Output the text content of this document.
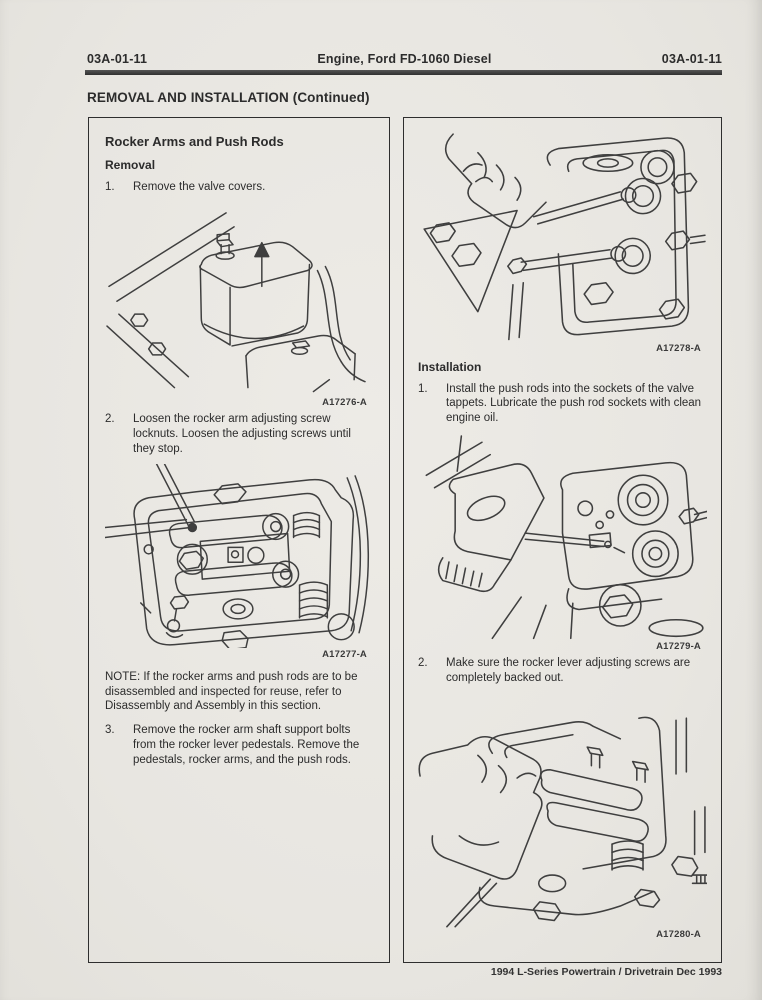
03A-01-11	Engine, Ford FD-1060 Diesel	03A-01-11
REMOVAL AND INSTALLATION (Continued)
Rocker Arms and Push Rods
Removal
1.	Remove the valve covers.
A17276-A
2.	Loosen the rocker arm adjusting screw locknuts. Loosen the adjusting screws until they stop.
A17277-A
NOTE: If the rocker arms and push rods are to be disassembled and inspected for reuse, refer to Disassembly and Assembly in this section.
3.	Remove the rocker arm shaft support bolts from the rocker lever pedestals. Remove the pedestals, rocker arms, and the push rods.
A17278-A
Installation
1.	Install the push rods into the sockets of the valve tappets. Lubricate the push rod sockets with clean engine oil.
A17279-A
2.	Make sure the rocker lever adjusting screws are completely backed out.
A17280-A
1994 L-Series Powertrain / Drivetrain Dec 1993
